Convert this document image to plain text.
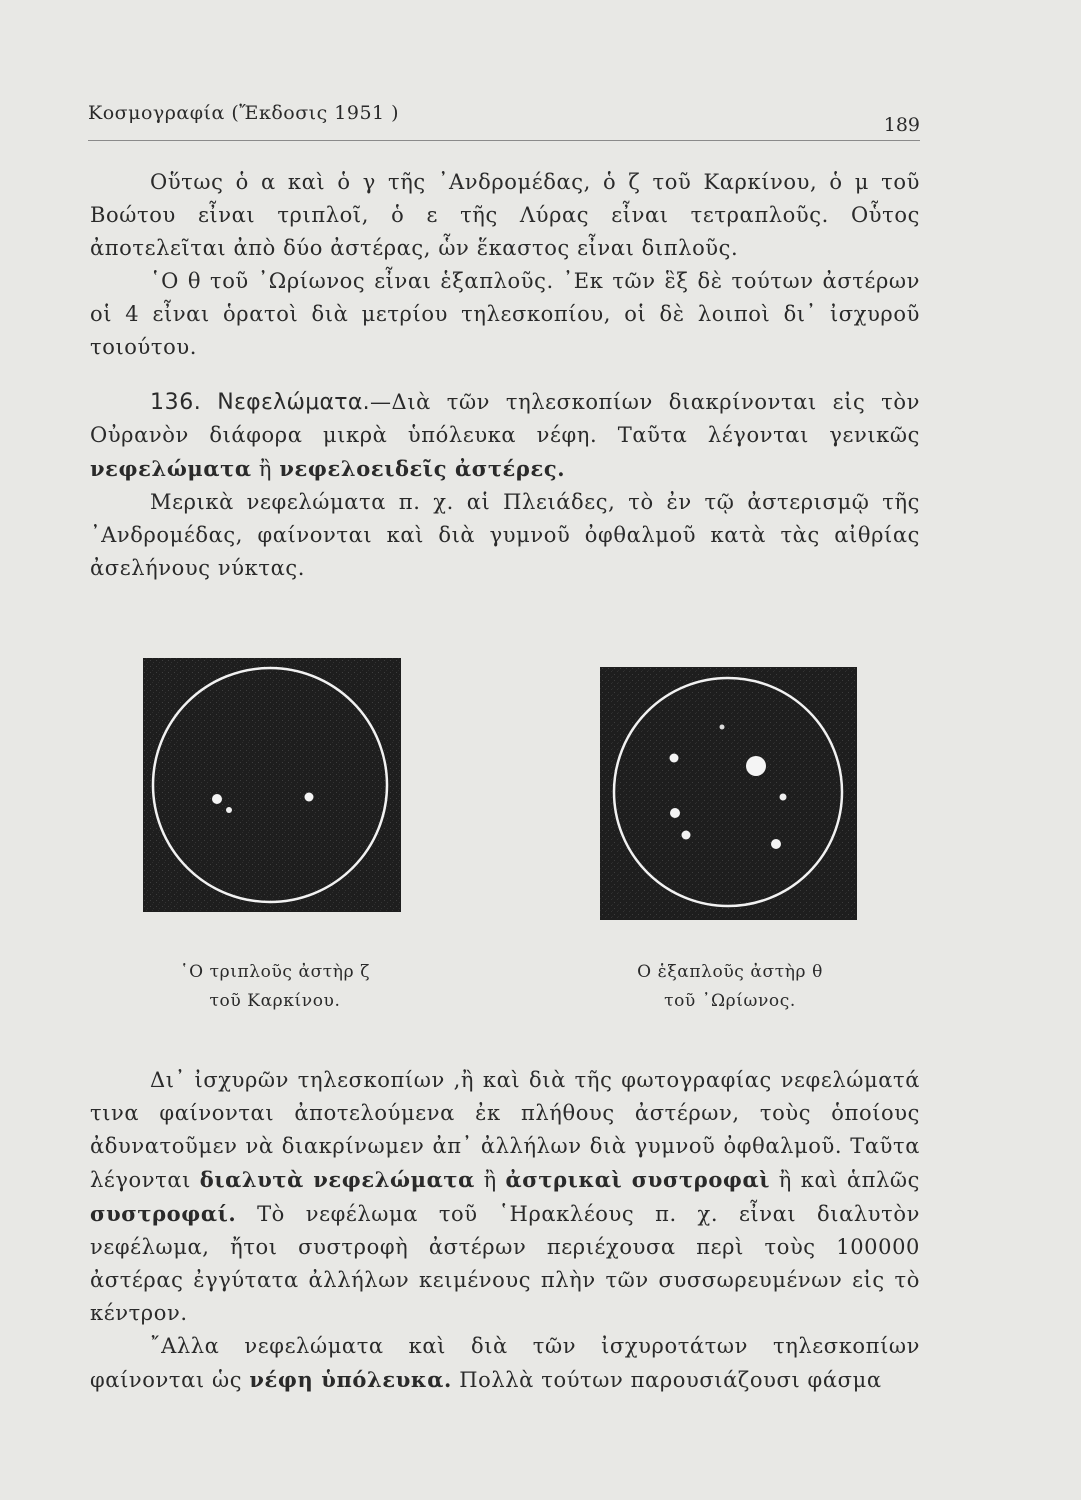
Κοσμογραφία (Ἔκδοσις 1951 )
189

Οὕτως ὁ α καὶ ὁ γ τῆς ᾿Ανδρομέδας, ὁ ζ τοῦ Καρκίνου, ὁ μ τοῦ Βοώτου εἶναι τριπλοῖ, ὁ ε τῆς Λύρας εἶναι τετραπλοῦς. Οὗτος ἀποτελεῖται ἀπὸ δύο ἀστέρας, ὧν ἕκαστος εἶναι διπλοῦς.

῾Ο θ τοῦ ᾿Ωρίωνος εἶναι ἑξαπλοῦς. ᾿Εκ τῶν ἓξ δὲ τούτων ἀστέρων οἱ 4 εἶναι ὁρατοὶ διὰ μετρίου τηλεσκοπίου, οἱ δὲ λοιποὶ δι᾿ ἰσχυροῦ τοιούτου.

136. Νεφελώματα.—Διὰ τῶν τηλεσκοπίων διακρίνονται εἰς τὸν Οὐρανὸν διάφορα μικρὰ ὑπόλευκα νέφη. Ταῦτα λέγονται γενικῶς νεφελώματα ἢ νεφελοειδεῖς ἀστέρες.

Μερικὰ νεφελώματα π. χ. αἱ Πλειάδες, τὸ ἐν τῷ ἀστερισμῷ τῆς ᾿Ανδρομέδας, φαίνονται καὶ διὰ γυμνοῦ ὀφθαλμοῦ κατὰ τὰς αἰθρίας ἀσελήνους νύκτας.

῾Ο τριπλοῦς ἀστὴρ ζ
τοῦ Καρκίνου.
Ο ἑξαπλοῦς ἀστὴρ θ
τοῦ ᾿Ωρίωνος.

Δι᾿ ἰσχυρῶν τηλεσκοπίων ,ἢ καὶ διὰ τῆς φωτογραφίας νεφελώματά τινα φαίνονται ἀποτελούμενα ἐκ πλήθους ἀστέρων, τοὺς ὁποίους ἀδυνατοῦμεν νὰ διακρίνωμεν ἀπ᾿ ἀλλήλων διὰ γυμνοῦ ὀφθαλμοῦ. Ταῦτα λέγονται διαλυτὰ νεφελώματα ἢ ἀστρικαὶ συστροφαὶ ἢ καὶ ἁπλῶς συστροφαί. Τὸ νεφέλωμα τοῦ ῾Ηρακλέους π. χ. εἶναι διαλυτὸν νεφέλωμα, ἤτοι συστροφὴ ἀστέρων περιέχουσα περὶ τοὺς 100000 ἀστέρας ἐγγύτατα ἀλλήλων κειμένους πλὴν τῶν συσσωρευμένων εἰς τὸ κέντρον.

῎Αλλα νεφελώματα καὶ διὰ τῶν ἰσχυροτάτων τηλεσκοπίων φαίνονται ὡς νέφη ὑπόλευκα. Πολλὰ τούτων παρουσιάζουσι φάσμα
